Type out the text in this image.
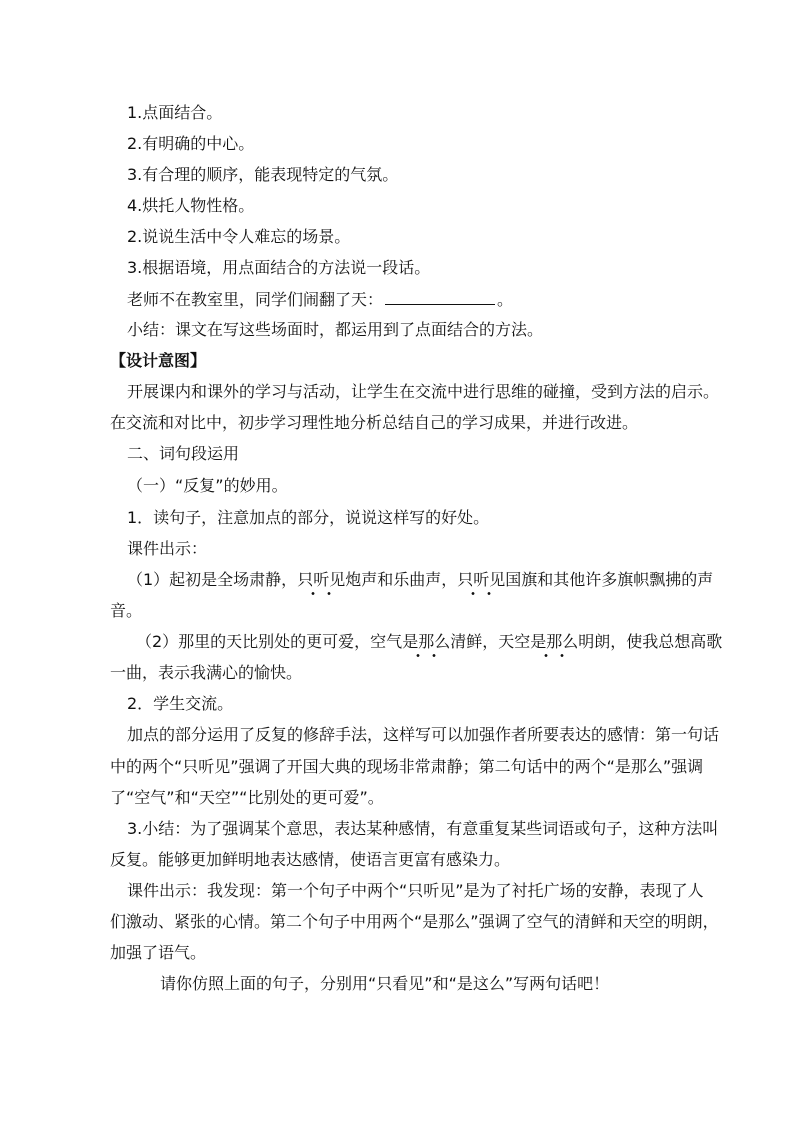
1.点面结合。
2.有明确的中心。
3.有合理的顺序，能表现特定的气氛。
4.烘托人物性格。
2.说说生活中令人难忘的场景。
3.根据语境，用点面结合的方法说一段话。
老师不在教室里，同学们闹翻了天：	。
小结：课文在写这些场面时，都运用到了点面结合的方法。
【设计意图】
开展课内和课外的学习与活动，让学生在交流中进行思维的碰撞，受到方法的启示。
在交流和对比中，初步学习理性地分析总结自己的学习成果，并进行改进。
二、词句段运用
（一）“反复”的妙用。
1．读句子，注意加点的部分，说说这样写的好处。
课件出示：
（1）起初是全场肃静，只听见炮声和乐曲声，只听见国旗和其他许多旗帜飘拂的声
音。
（2）那里的天比别处的更可爱，空气是那么清鲜，天空是那么明朗，使我总想高歌
一曲，表示我满心的愉快。
2．学生交流。
加点的部分运用了反复的修辞手法，这样写可以加强作者所要表达的感情：第一句话
中的两个“只听见”强调了开国大典的现场非常肃静；第二句话中的两个“是那么”强调
了“空气”和“天空”“比别处的更可爱”。
3.小结：为了强调某个意思，表达某种感情，有意重复某些词语或句子，这种方法叫
反复。能够更加鲜明地表达感情，使语言更富有感染力。
课件出示：我发现：第一个句子中两个“只听见”是为了衬托广场的安静，表现了人
们激动、紧张的心情。第二个句子中用两个“是那么”强调了空气的清鲜和天空的明朗，
加强了语气。
请你仿照上面的句子，分别用“只看见”和“是这么”写两句话吧！
